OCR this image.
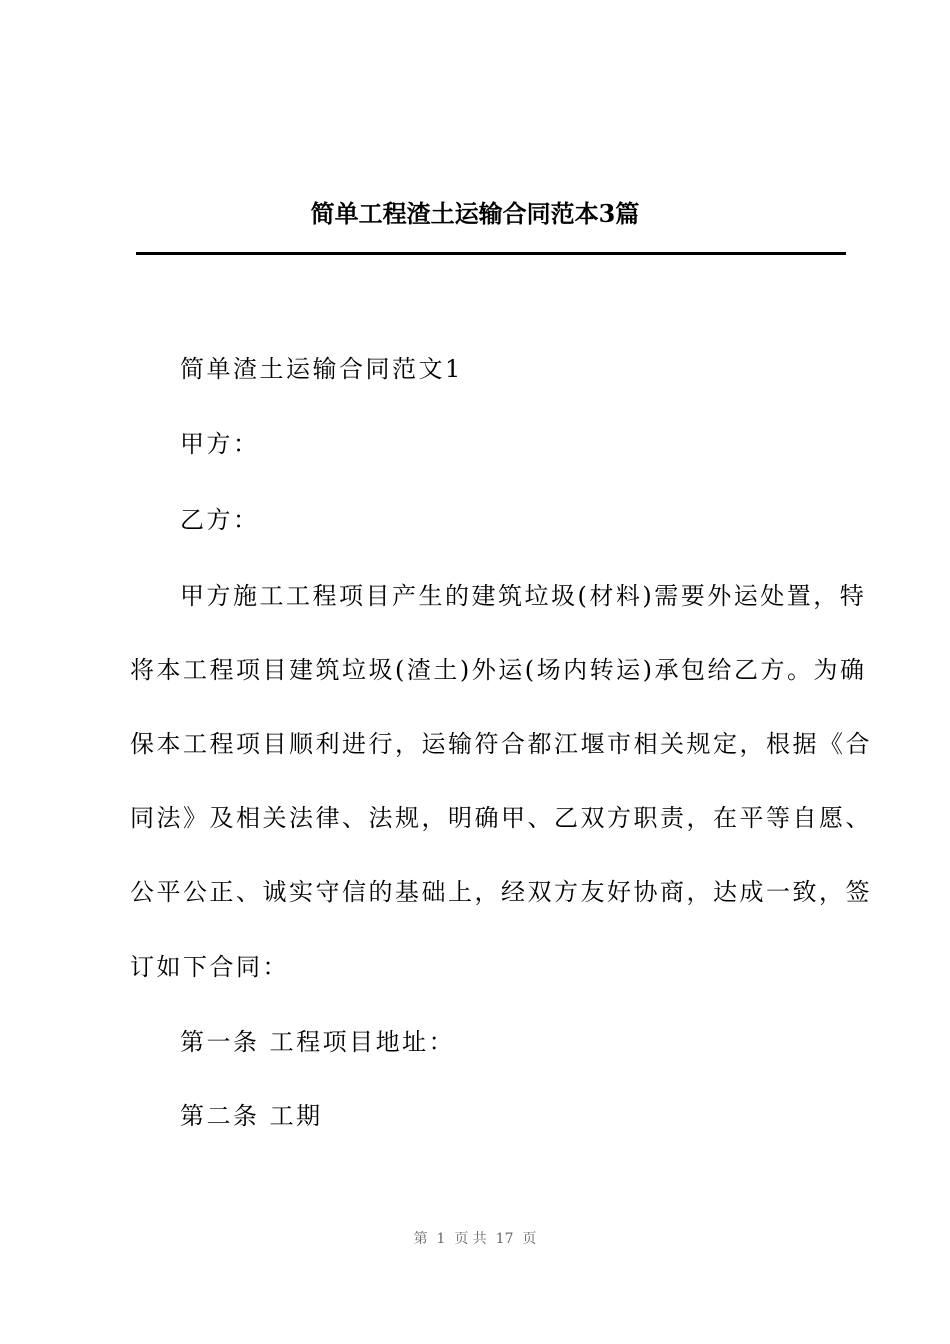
简单工程渣土运输合同范本3篇
简单渣土运输合同范文1
甲方：
乙方：
甲方施工工程项目产生的建筑垃圾(材料)需要外运处置，特
将本工程项目建筑垃圾(渣土)外运(场内转运)承包给乙方。为确
保本工程项目顺利进行，运输符合都江堰市相关规定，根据《合
同法》及相关法律、法规，明确甲、乙双方职责，在平等自愿、
公平公正、诚实守信的基础上，经双方友好协商，达成一致，签
订如下合同：
第一条 工程项目地址：
第二条 工期
第  1  页 共  17  页
